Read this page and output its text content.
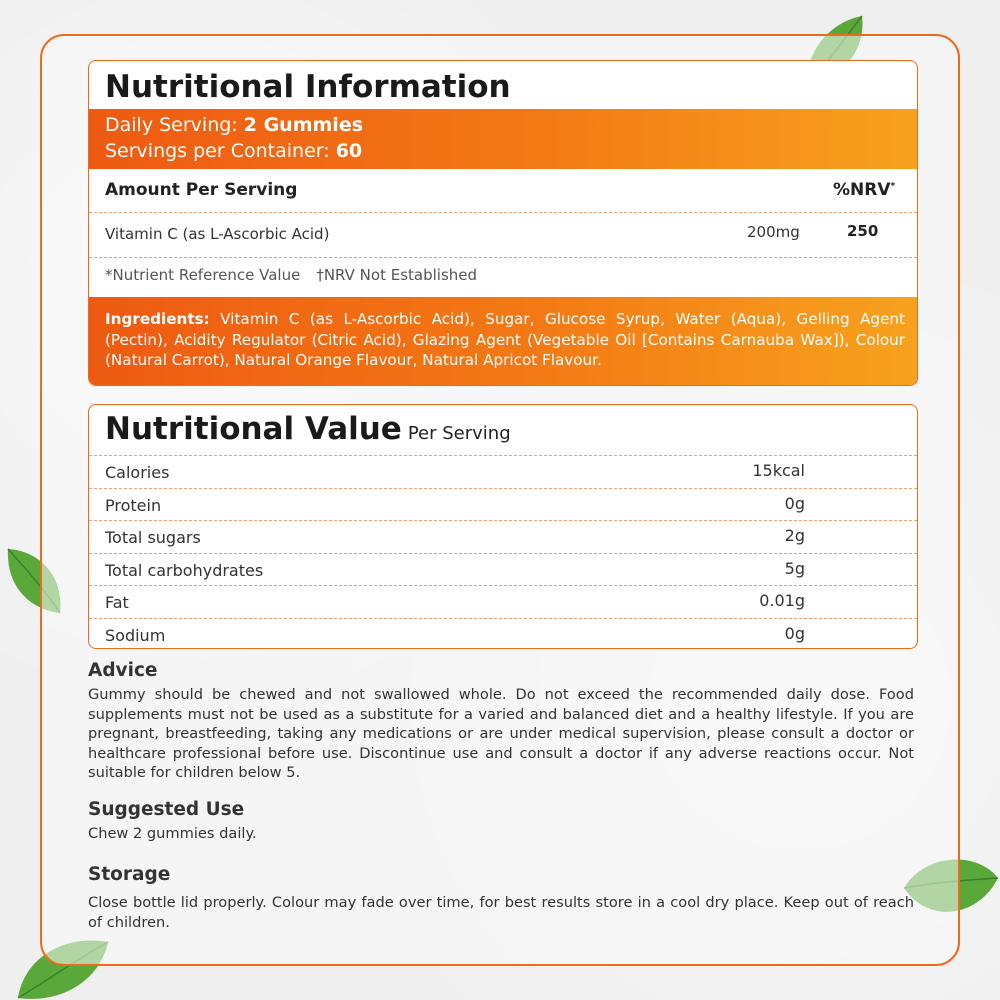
Nutritional Information
Daily Serving: 2 Gummies
Servings per Container: 60
Amount Per Serving	%NRV*
Vitamin C (as L-Ascorbic Acid)	200mg	250
*Nutrient Reference Value †NRV Not Established
Ingredients: Vitamin C (as L-Ascorbic Acid), Sugar, Glucose Syrup, Water (Aqua), Gelling Agent (Pectin), Acidity Regulator (Citric Acid), Glazing Agent (Vegetable Oil [Contains Carnauba Wax]), Colour (Natural Carrot), Natural Orange Flavour, Natural Apricot Flavour.
Nutritional Value Per Serving
Calories	15kcal
Protein	0g
Total sugars	2g
Total carbohydrates	5g
Fat	0.01g
Sodium	0g
Advice
Gummy should be chewed and not swallowed whole. Do not exceed the recommended daily dose. Food supplements must not be used as a substitute for a varied and balanced diet and a healthy lifestyle. If you are pregnant, breastfeeding, taking any medications or are under medical supervision, please consult a doctor or healthcare professional before use. Discontinue use and consult a doctor if any adverse reactions occur. Not suitable for children below 5.
Suggested Use
Chew 2 gummies daily.
Storage
Close bottle lid properly. Colour may fade over time, for best results store in a cool dry place. Keep out of reach of children.
